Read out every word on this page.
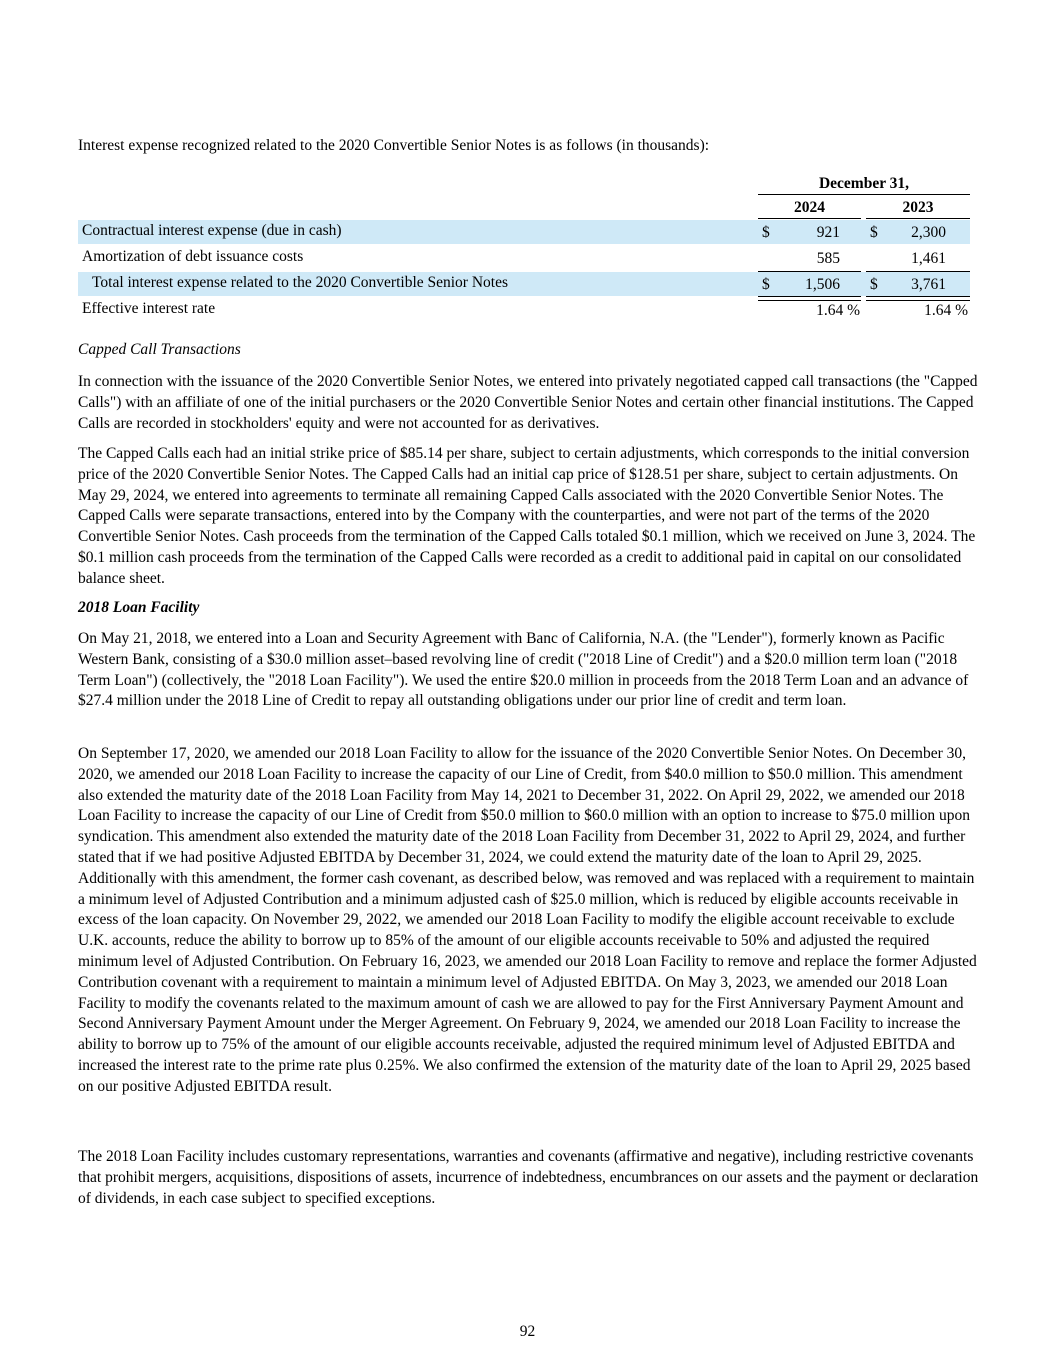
Interest expense recognized related to the 2020 Convertible Senior Notes is as follows (in thousands):
December 31,
2024	2023
Contractual interest expense (due in cash)	$	921 $ 2,300
Amortization of debt issuance costs	585	1,461
Total interest expense related to the 2020 Convertible Senior Notes	$ 1,506 $ 3,761
Effective interest rate	1.64 %	1.64 %
Capped Call Transactions

In connection with the issuance of the 2020 Convertible Senior Notes, we entered into privately negotiated capped call transactions (the "Capped Calls") with an affiliate of one of the initial purchasers or the 2020 Convertible Senior Notes and certain other financial institutions. The Capped Calls are recorded in stockholders' equity and were not accounted for as derivatives.

The Capped Calls each had an initial strike price of $85.14 per share, subject to certain adjustments, which corresponds to the initial conversion price of the 2020 Convertible Senior Notes. The Capped Calls had an initial cap price of $128.51 per share, subject to certain adjustments. On May 29, 2024, we entered into agreements to terminate all remaining Capped Calls associated with the 2020 Convertible Senior Notes. The Capped Calls were separate transactions, entered into by the Company with the counterparties, and were not part of the terms of the 2020 Convertible Senior Notes. Cash proceeds from the termination of the Capped Calls totaled $0.1 million, which we received on June 3, 2024. The $0.1 million cash proceeds from the termination of the Capped Calls were recorded as a credit to additional paid in capital on our consolidated balance sheet.

2018 Loan Facility

On May 21, 2018, we entered into a Loan and Security Agreement with Banc of California, N.A. (the "Lender"), formerly known as Pacific Western Bank, consisting of a $30.0 million asset–based revolving line of credit ("2018 Line of Credit") and a $20.0 million term loan ("2018 Term Loan") (collectively, the "2018 Loan Facility"). We used the entire $20.0 million in proceeds from the 2018 Term Loan and an advance of $27.4 million under the 2018 Line of Credit to repay all outstanding obligations under our prior line of credit and term loan.

On September 17, 2020, we amended our 2018 Loan Facility to allow for the issuance of the 2020 Convertible Senior Notes. On December 30, 2020, we amended our 2018 Loan Facility to increase the capacity of our Line of Credit, from $40.0 million to $50.0 million. This amendment also extended the maturity date of the 2018 Loan Facility from May 14, 2021 to December 31, 2022. On April 29, 2022, we amended our 2018 Loan Facility to increase the capacity of our Line of Credit from $50.0 million to $60.0 million with an option to increase to $75.0 million upon syndication. This amendment also extended the maturity date of the 2018 Loan Facility from December 31, 2022 to April 29, 2024, and further stated that if we had positive Adjusted EBITDA by December 31, 2024, we could extend the maturity date of the loan to April 29, 2025. Additionally with this amendment, the former cash covenant, as described below, was removed and was replaced with a requirement to maintain a minimum level of Adjusted Contribution and a minimum adjusted cash of $25.0 million, which is reduced by eligible accounts receivable in excess of the loan capacity. On November 29, 2022, we amended our 2018 Loan Facility to modify the eligible account receivable to exclude U.K. accounts, reduce the ability to borrow up to 85% of the amount of our eligible accounts receivable to 50% and adjusted the required minimum level of Adjusted Contribution. On February 16, 2023, we amended our 2018 Loan Facility to remove and replace the former Adjusted Contribution covenant with a requirement to maintain a minimum level of Adjusted EBITDA. On May 3, 2023, we amended our 2018 Loan Facility to modify the covenants related to the maximum amount of cash we are allowed to pay for the First Anniversary Payment Amount and Second Anniversary Payment Amount under the Merger Agreement. On February 9, 2024, we amended our 2018 Loan Facility to increase the ability to borrow up to 75% of the amount of our eligible accounts receivable, adjusted the required minimum level of Adjusted EBITDA and increased the interest rate to the prime rate plus 0.25%. We also confirmed the extension of the maturity date of the loan to April 29, 2025 based on our positive Adjusted EBITDA result.

The 2018 Loan Facility includes customary representations, warranties and covenants (affirmative and negative), including restrictive covenants that prohibit mergers, acquisitions, dispositions of assets, incurrence of indebtedness, encumbrances on our assets and the payment or declaration of dividends, in each case subject to specified exceptions.

92
